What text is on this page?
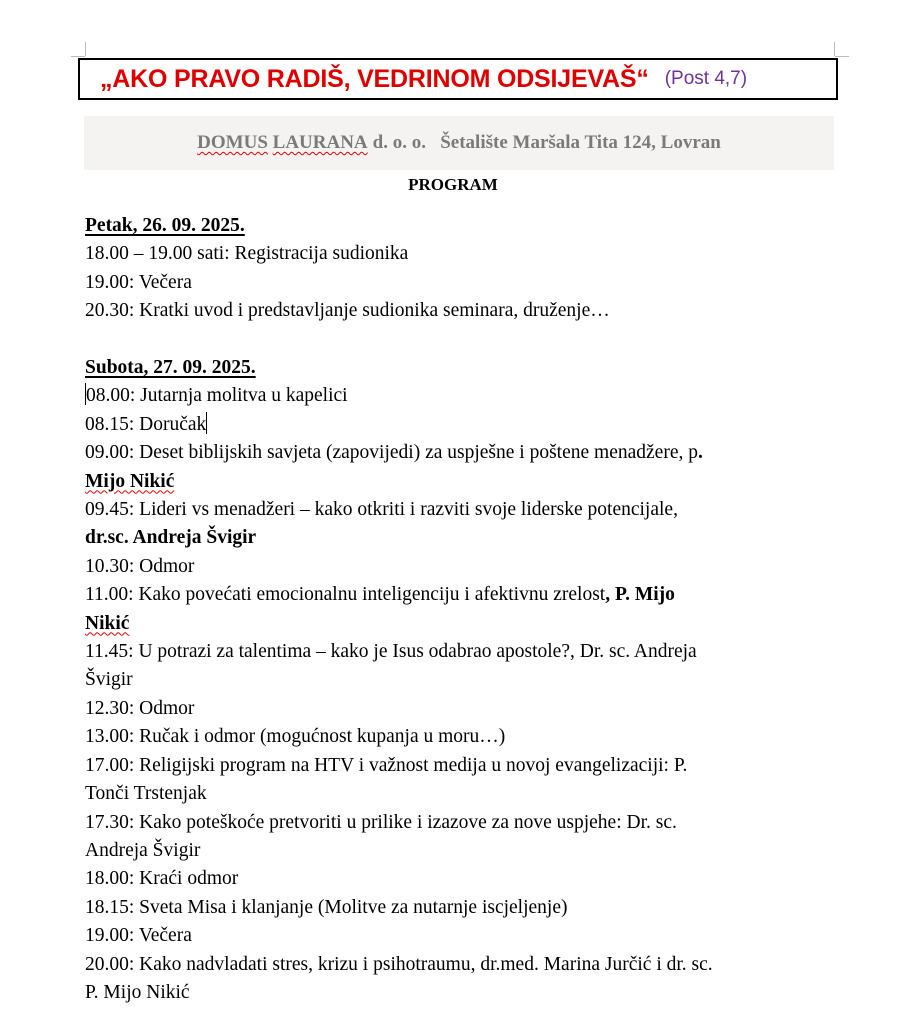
„AKO PRAVO RADIŠ, VEDRINOM ODSIJEVAŠ“ (Post 4,7)
DOMUS
LAURANA d. o. o.   Šetalište Maršala Tita 124, Lovran
PROGRAM
Petak, 26. 09. 2025.
18.00 – 19.00 sati: Registracija sudionika
19.00: Večera
20.30: Kratki uvod i predstavljanje sudionika seminara, druženje…
Subota, 27. 09. 2025.
08.00: Jutarnja molitva u kapelici
08.15: Doručak
09.00: Deset biblijskih savjeta (zapovijedi) za uspješne i poštene menadžere, p.
Mijo Nikić
09.45: Lideri vs menadžeri – kako otkriti i razviti svoje liderske potencijale,
dr.sc. Andreja Švigir
10.30: Odmor
11.00: Kako povećati emocionalnu inteligenciju i afektivnu zrelost, P. Mijo
Nikić
11.45: U potrazi za talentima – kako je Isus odabrao apostole?, Dr. sc. Andreja
Švigir
12.30: Odmor
13.00: Ručak i odmor (mogućnost kupanja u moru…)
17.00: Religijski program na HTV i važnost medija u novoj evangelizaciji: P.
Tonči Trstenjak
17.30: Kako poteškoće pretvoriti u prilike i izazove za nove uspjehe: Dr. sc.
Andreja Švigir
18.00: Kraći odmor
18.15: Sveta Misa i klanjanje (Molitve za nutarnje iscjeljenje)
19.00: Večera
20.00: Kako nadvladati stres, krizu i psihotraumu, dr.med. Marina Jurčić i dr. sc.
P. Mijo Nikić
